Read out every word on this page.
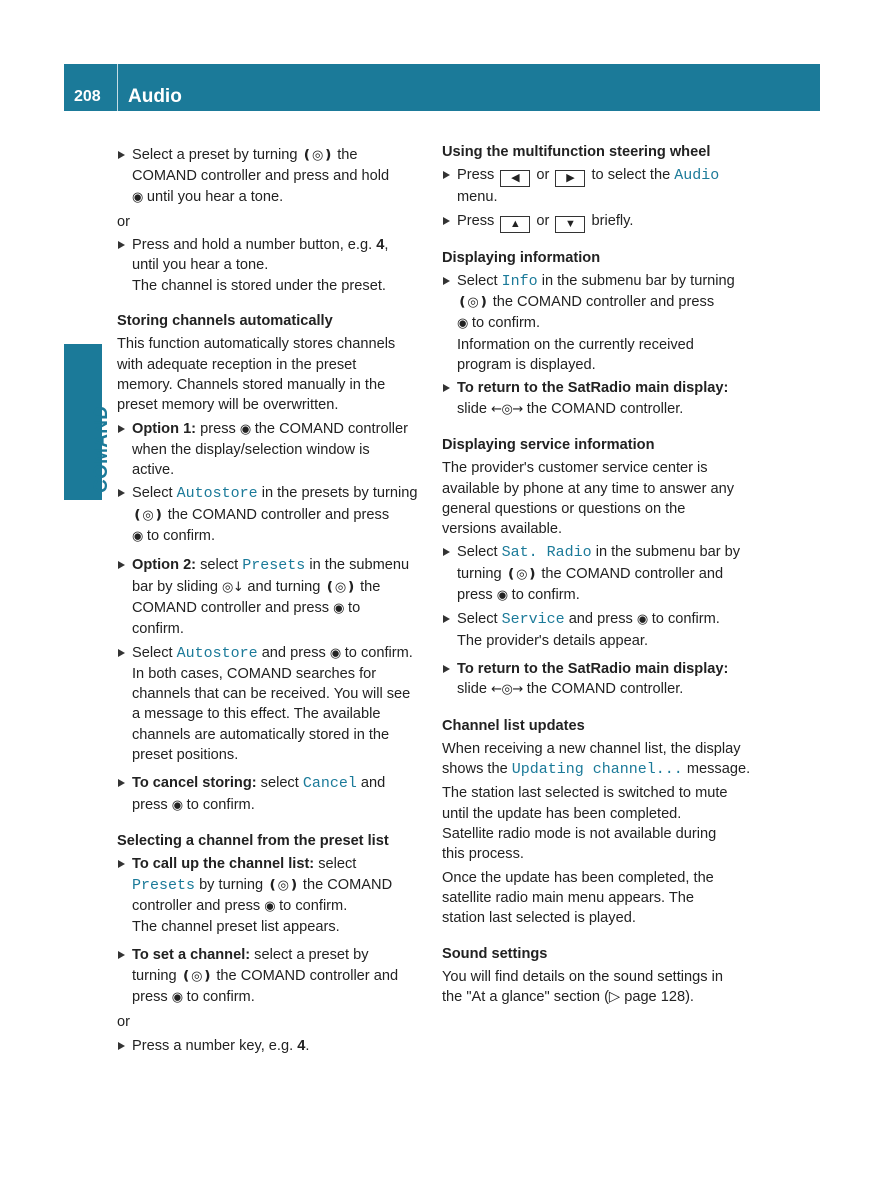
208 Audio
COMAND
Select a preset by turning ❪◎❫ the
COMAND controller and press and hold
◉ until you hear a tone.
or
Press and hold a number button, e.g. 4,
until you hear a tone.
The channel is stored under the preset.
Storing channels automatically
This function automatically stores channels
with adequate reception in the preset
memory. Channels stored manually in the
preset memory will be overwritten.
Option 1: press ◉ the COMAND controller
when the display/selection window is
active.
Select Autostore in the presets by turning
❪◎❫ the COMAND controller and press
◉ to confirm.
Option 2: select Presets in the submenu
bar by sliding ◎↓ and turning ❪◎❫ the
COMAND controller and press ◉ to
confirm.
Select Autostore and press ◉ to confirm.
In both cases, COMAND searches for
channels that can be received. You will see
a message to this effect. The available
channels are automatically stored in the
preset positions.
To cancel storing: select Cancel and
press ◉ to confirm.
Selecting a channel from the preset list
To call up the channel list: select
Presets by turning ❪◎❫ the COMAND
controller and press ◉ to confirm.
The channel preset list appears.
To set a channel: select a preset by
turning ❪◎❫ the COMAND controller and
press ◉ to confirm.
or
Press a number key, e.g. 4.
Using the multifunction steering wheel
Press ◀ or ▶ to select the Audio
menu.
Press ▲ or ▼ briefly.
Displaying information
Select Info in the submenu bar by turning
❪◎❫ the COMAND controller and press
◉ to confirm.
Information on the currently received
program is displayed.
To return to the SatRadio main display:
slide ←◎→ the COMAND controller.
Displaying service information
The provider's customer service center is
available by phone at any time to answer any
general questions or questions on the
versions available.
Select Sat. Radio in the submenu bar by
turning ❪◎❫ the COMAND controller and
press ◉ to confirm.
Select Service and press ◉ to confirm.
The provider's details appear.
To return to the SatRadio main display:
slide ←◎→ the COMAND controller.
Channel list updates
When receiving a new channel list, the display
shows the Updating channel... message.
The station last selected is switched to mute
until the update has been completed.
Satellite radio mode is not available during
this process.
Once the update has been completed, the
satellite radio main menu appears. The
station last selected is played.
Sound settings
You will find details on the sound settings in
the "At a glance" section (▷ page 128).
